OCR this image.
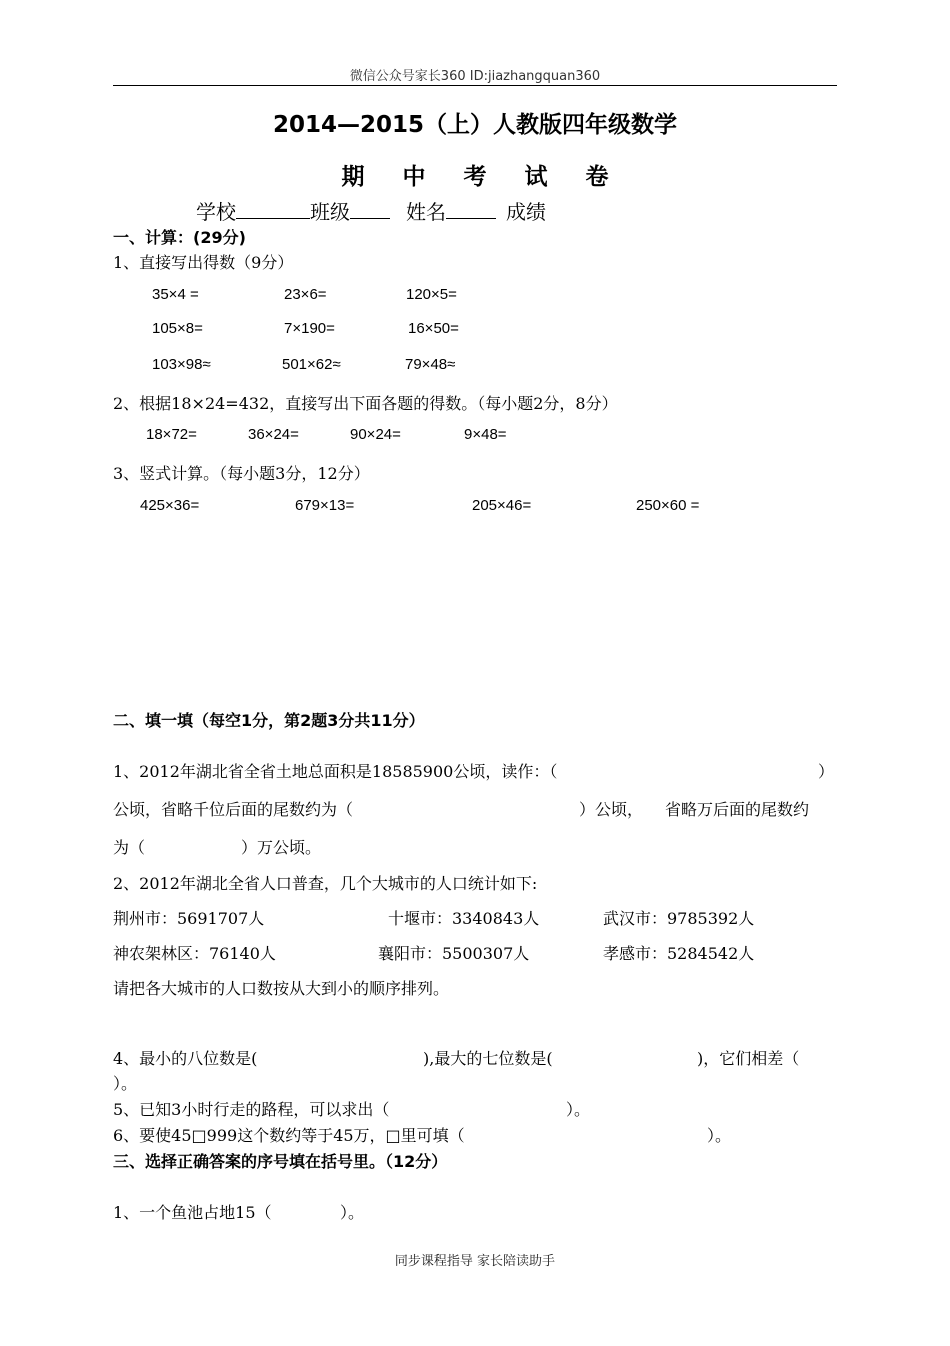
微信公众号家长360 ID:jiazhangquan360
2014—2015（上）人教版四年级数学
期 中 考 试 卷
学校	班级	姓名	成绩
一、计算：(29分)
1、直接写出得数（9分）
35×4 =	23×6=	120×5=
105×8=	7×190=	16×50=
103×98≈	501×62≈	79×48≈
2、根据18×24=432，直接写出下面各题的得数。（每小题2分，8分）
18×72=	36×24=	90×24=	9×48=
3、竖式计算。（每小题3分，12分）
425×36=	679×13=	205×46=	250×60 =
二、填一填（每空1分，第2题3分共11分）
1、2012年湖北省全省土地总面积是18585900公顷，读作：（	）
公顷，省略千位后面的尾数约为（	）公顷， 省略万后面的尾数约
为（	）万公顷。
2、2012年湖北全省人口普查，几个大城市的人口统计如下:
荆州市：5691707人	十堰市：3340843人	武汉市：9785392人
神农架林区：76140人	襄阳市：5500307人	孝感市：5284542人
请把各大城市的人口数按从大到小的顺序排列。
4、最小的八位数是(	),最大的七位数是(	)，它们相差（
）。
5、已知3小时行走的路程，可以求出（	）。
6、要使45□999这个数约等于45万，□里可填（	）。
三、选择正确答案的序号填在括号里。（12分）
1、一个鱼池占地15（	）。
同步课程指导 家长陪读助手
